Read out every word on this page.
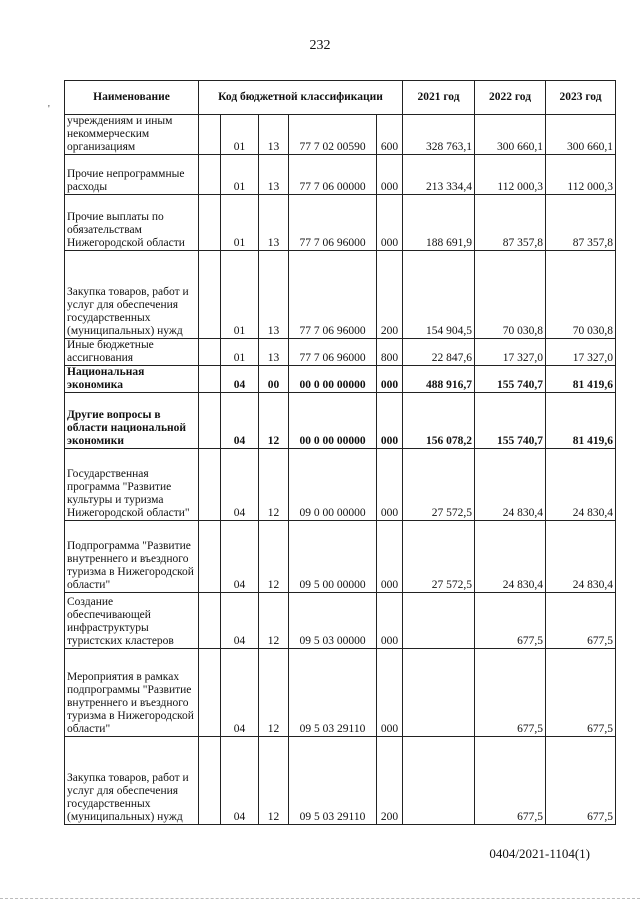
232
'
Наименование	Код бюджетной классификации					2021 год	2022 год	2023 год
учреждениям и иным некоммерческим организациям		01	13	77 7 02 00590	600	328 763,1	300 660,1	300 660,1
Прочие непрограммные расходы		01	13	77 7 06 00000	000	213 334,4	112 000,3	112 000,3
Прочие выплаты по обязательствам Нижегородской области		01	13	77 7 06 96000	000	188 691,9	87 357,8	87 357,8
Закупка товаров, работ и услуг для обеспечения государственных (муниципальных) нужд		01	13	77 7 06 96000	200	154 904,5	70 030,8	70 030,8
Иные бюджетные ассигнования		01	13	77 7 06 96000	800	22 847,6	17 327,0	17 327,0
Национальная экономика		04	00	00 0 00 00000	000	488 916,7	155 740,7	81 419,6
Другие вопросы в области национальной экономики		04	12	00 0 00 00000	000	156 078,2	155 740,7	81 419,6
Государственная программа "Развитие культуры и туризма Нижегородской области"		04	12	09 0 00 00000	000	27 572,5	24 830,4	24 830,4
Подпрограмма "Развитие внутреннего и въездного туризма в Нижегородской области"		04	12	09 5 00 00000	000	27 572,5	24 830,4	24 830,4
Создание обеспечивающей инфраструктуры туристских кластеров		04	12	09 5 03 00000	000		677,5	677,5
Мероприятия в рамках подпрограммы "Развитие внутреннего и въездного туризма в Нижегородской области"		04	12	09 5 03 29110	000		677,5	677,5
Закупка товаров, работ и услуг для обеспечения государственных (муниципальных) нужд		04	12	09 5 03 29110	200		677,5	677,5
0404/2021-1104(1)
